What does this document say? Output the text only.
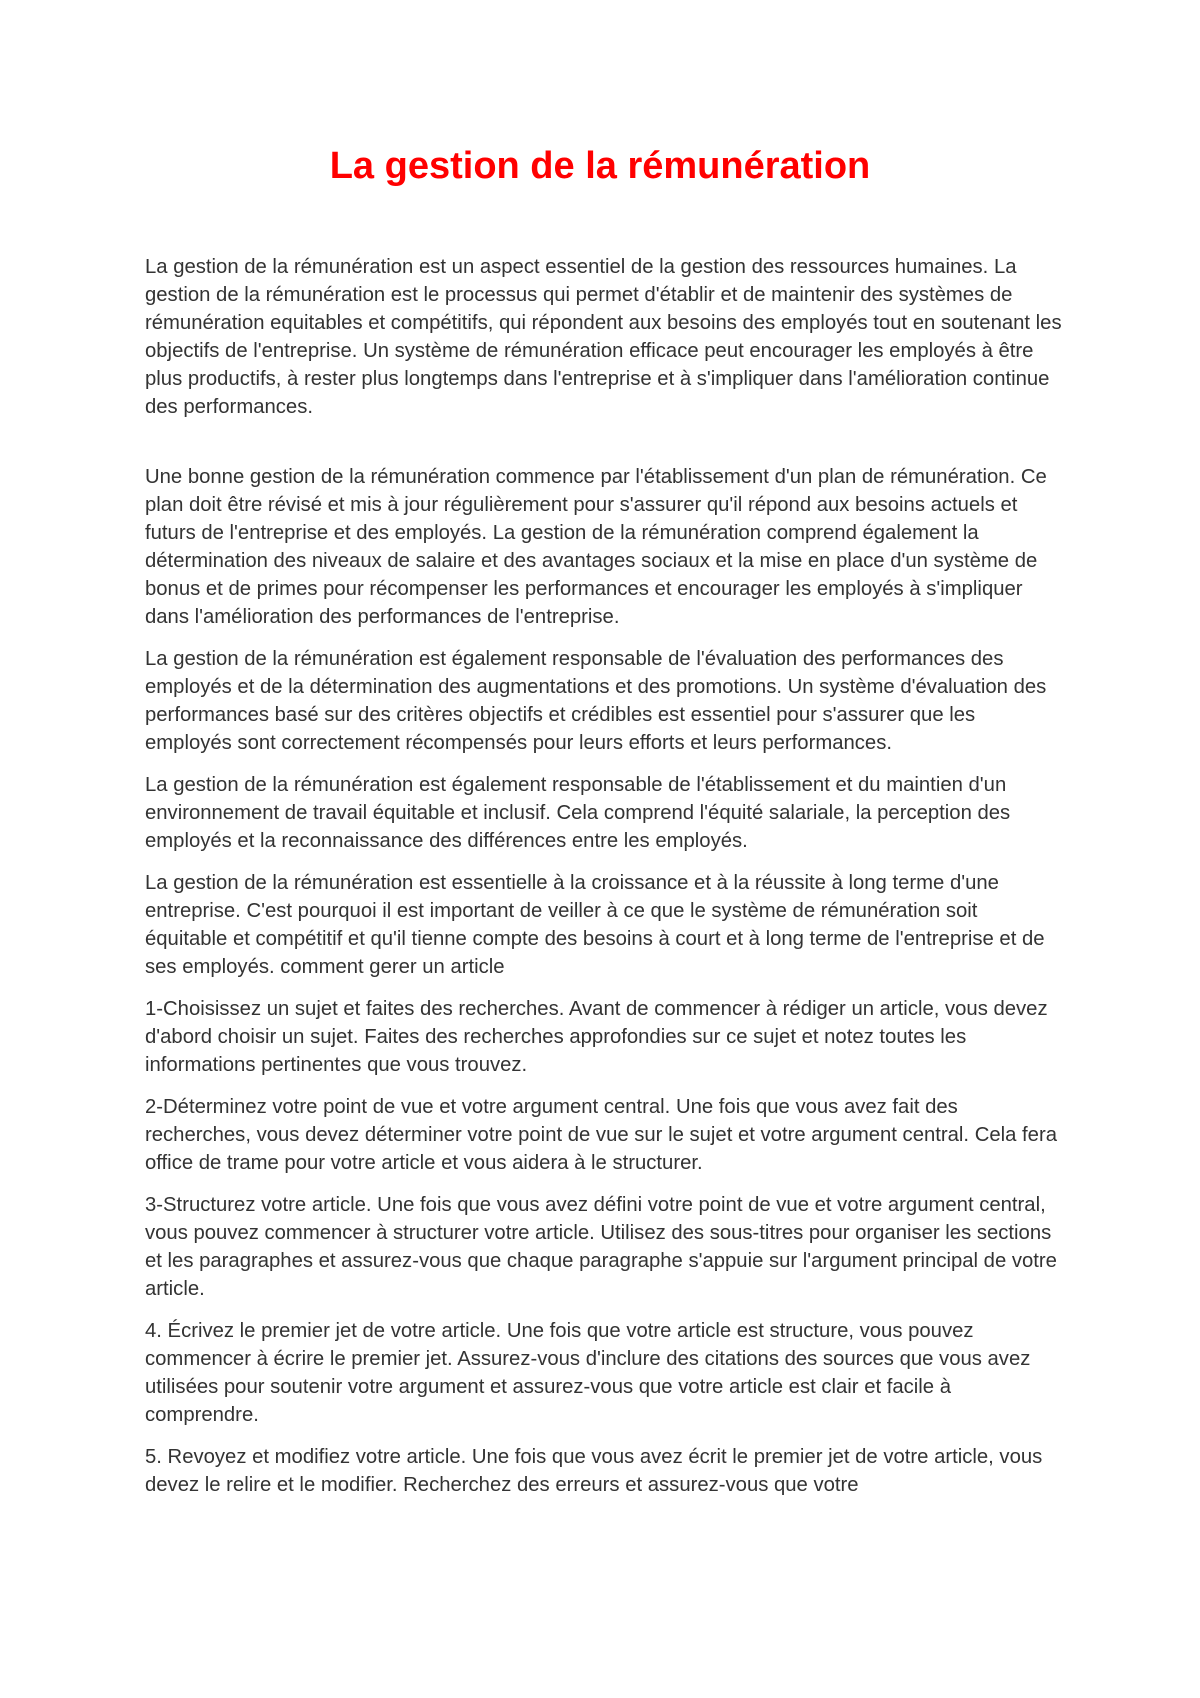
La gestion de la rémunération

La gestion de la rémunération est un aspect essentiel de la gestion des ressources humaines. La gestion de la rémunération est le processus qui permet d'établir et de maintenir des systèmes de rémunération equitables et compétitifs, qui répondent aux besoins des employés tout en soutenant les objectifs de l'entreprise. Un système de rémunération efficace peut encourager les employés à être plus productifs, à rester plus longtemps dans l'entreprise et à s'impliquer dans l'amélioration continue des performances.

Une bonne gestion de la rémunération commence par l'établissement d'un plan de rémunération. Ce plan doit être révisé et mis à jour régulièrement pour s'assurer qu'il répond aux besoins actuels et futurs de l'entreprise et des employés. La gestion de la rémunération comprend également la détermination des niveaux de salaire et des avantages sociaux et la mise en place d'un système de bonus et de primes pour récompenser les performances et encourager les employés à s'impliquer dans l'amélioration des performances de l'entreprise.

La gestion de la rémunération est également responsable de l'évaluation des performances des employés et de la détermination des augmentations et des promotions. Un système d'évaluation des performances basé sur des critères objectifs et crédibles est essentiel pour s'assurer que les employés sont correctement récompensés pour leurs efforts et leurs performances.

La gestion de la rémunération est également responsable de l'établissement et du maintien d'un environnement de travail équitable et inclusif. Cela comprend l'équité salariale, la perception des employés et la reconnaissance des différences entre les employés.

La gestion de la rémunération est essentielle à la croissance et à la réussite à long terme d'une entreprise. C'est pourquoi il est important de veiller à ce que le système de rémunération soit équitable et compétitif et qu'il tienne compte des besoins à court et à long terme de l'entreprise et de ses employés. comment gerer un article

1-Choisissez un sujet et faites des recherches. Avant de commencer à rédiger un article, vous devez d'abord choisir un sujet. Faites des recherches approfondies sur ce sujet et notez toutes les informations pertinentes que vous trouvez.

2-Déterminez votre point de vue et votre argument central. Une fois que vous avez fait des recherches, vous devez déterminer votre point de vue sur le sujet et votre argument central. Cela fera office de trame pour votre article et vous aidera à le structurer.

3-Structurez votre article. Une fois que vous avez défini votre point de vue et votre argument central, vous pouvez commencer à structurer votre article. Utilisez des sous-titres pour organiser les sections et les paragraphes et assurez-vous que chaque paragraphe s'appuie sur l'argument principal de votre article.

4. Écrivez le premier jet de votre article. Une fois que votre article est structure, vous pouvez commencer à écrire le premier jet. Assurez-vous d'inclure des citations des sources que vous avez utilisées pour soutenir votre argument et assurez-vous que votre article est clair et facile à comprendre.

5. Revoyez et modifiez votre article. Une fois que vous avez écrit le premier jet de votre article, vous devez le relire et le modifier. Recherchez des erreurs et assurez-vous que votre
